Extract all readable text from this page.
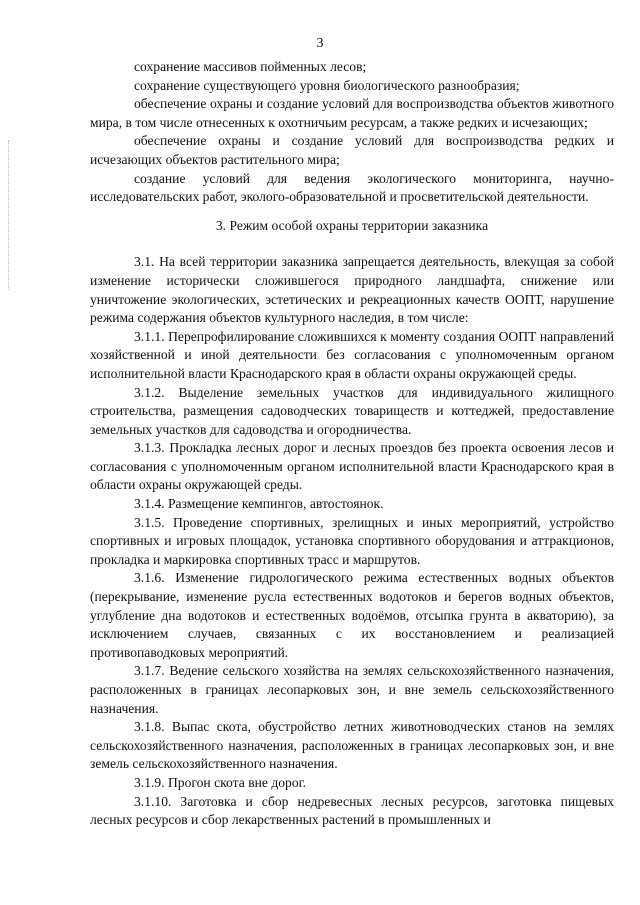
3

сохранение массивов пойменных лесов;

сохранение существующего уровня биологического разнообразия;

обеспечение охраны и создание условий для воспроизводства объектов животного мира, в том числе отнесенных к охотничьим ресурсам, а также редких и исчезающих;

обеспечение охраны и создание условий для воспроизводства редких и исчезающих объектов растительного мира;

создание условий для ведения экологического мониторинга, научно-исследовательских работ, эколого-образовательной и просветительской деятельности.

3. Режим особой охраны территории заказника

3.1. На всей территории заказника запрещается деятельность, влекущая за собой изменение исторически сложившегося природного ландшафта, снижение или уничтожение экологических, эстетических и рекреационных качеств ООПТ, нарушение режима содержания объектов культурного наследия, в том числе:

3.1.1. Перепрофилирование сложившихся к моменту создания ООПТ направлений хозяйственной и иной деятельности без согласования с уполномоченным органом исполнительной власти Краснодарского края в области охраны окружающей среды.

3.1.2. Выделение земельных участков для индивидуального жилищного строительства, размещения садоводческих товариществ и коттеджей, предоставление земельных участков для садоводства и огородничества.

3.1.3. Прокладка лесных дорог и лесных проездов без проекта освоения лесов и согласования с уполномоченным органом исполнительной власти Краснодарского края в области охраны окружающей среды.

3.1.4. Размещение кемпингов, автостоянок.

3.1.5. Проведение спортивных, зрелищных и иных мероприятий, устройство спортивных и игровых площадок, установка спортивного оборудования и аттракционов, прокладка и маркировка спортивных трасс и маршрутов.

3.1.6. Изменение гидрологического режима естественных водных объектов (перекрывание, изменение русла естественных водотоков и берегов водных объектов, углубление дна водотоков и естественных водоёмов, отсыпка грунта в акваторию), за исключением случаев, связанных с их восстановлением и реализацией противопаводковых мероприятий.

3.1.7. Ведение сельского хозяйства на землях сельскохозяйственного назначения, расположенных в границах лесопарковых зон, и вне земель сельскохозяйственного назначения.

3.1.8. Выпас скота, обустройство летних животноводческих станов на землях сельскохозяйственного назначения, расположенных в границах лесопарковых зон, и вне земель сельскохозяйственного назначения.

3.1.9. Прогон скота вне дорог.

3.1.10. Заготовка и сбор недревесных лесных ресурсов, заготовка пищевых лесных ресурсов и сбор лекарственных растений в промышленных и
